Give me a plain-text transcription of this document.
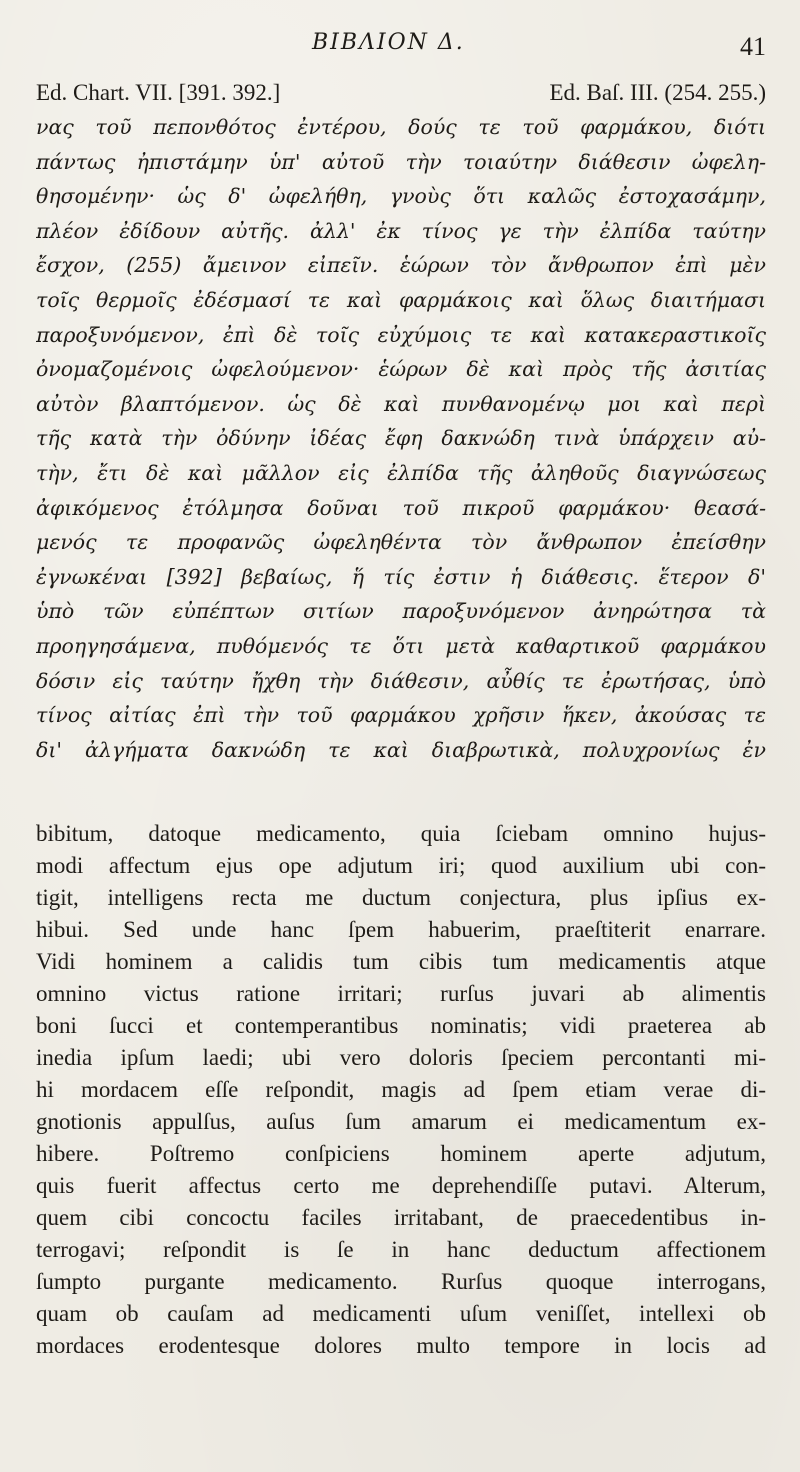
ΒΙΒΛΙΟΝ Δ.	41
Ed. Chart. VII. [391. 392.]	Ed. Baſ. III. (254. 255.)
νας τοῦ πεπονθότος ἐντέρου, δούς τε τοῦ φαρμάκου, διότι
πάντως ἠπιστάμην ὑπ' αὐτοῦ τὴν τοιαύτην διάθεσιν ὠφελη-
θησομένην· ὡς δ' ὠφελήθη, γνοὺς ὅτι καλῶς ἐστοχασάμην,
πλέον ἐδίδουν αὐτῆς. ἀλλ' ἐκ τίνος γε τὴν ἐλπίδα ταύτην
ἔσχον, (255) ἄμεινον εἰπεῖν. ἑώρων τὸν ἄνθρωπον ἐπὶ μὲν
τοῖς θερμοῖς ἐδέσμασί τε καὶ φαρμάκοις καὶ ὅλως διαιτήμασι
παροξυνόμενον, ἐπὶ δὲ τοῖς εὐχύμοις τε καὶ κατακεραστικοῖς
ὀνομαζομένοις ὠφελούμενον· ἑώρων δὲ καὶ πρὸς τῆς ἀσιτίας
αὐτὸν βλαπτόμενον. ὡς δὲ καὶ πυνθανομένῳ μοι καὶ περὶ
τῆς κατὰ τὴν ὀδύνην ἰδέας ἔφη δακνώδη τινὰ ὑπάρχειν αὐ-
τὴν, ἔτι δὲ καὶ μᾶλλον εἰς ἐλπίδα τῆς ἀληθοῦς διαγνώσεως
ἀφικόμενος ἐτόλμησα δοῦναι τοῦ πικροῦ φαρμάκου· θεασά-
μενός τε προφανῶς ὠφεληθέντα τὸν ἄνθρωπον ἐπείσθην
ἐγνωκέναι [392] βεβαίως, ἥ τίς ἐστιν ἡ διάθεσις. ἕτερον δ'
ὑπὸ τῶν εὐπέπτων σιτίων παροξυνόμενον ἀνηρώτησα τὰ
προηγησάμενα, πυθόμενός τε ὅτι μετὰ καθαρτικοῦ φαρμάκου
δόσιν εἰς ταύτην ἤχθη τὴν διάθεσιν, αὖθίς τε ἐρωτήσας, ὑπὸ
τίνος αἰτίας ἐπὶ τὴν τοῦ φαρμάκου χρῆσιν ἥκεν, ἀκούσας τε
δι' ἀλγήματα δακνώδη τε καὶ διαβρωτικὰ, πολυχρονίως ἐν
bibitum, datoque medicamento, quia ſciebam omnino hujus-
modi affectum ejus ope adjutum iri; quod auxilium ubi con-
tigit, intelligens recta me ductum conjectura, plus ipſius ex-
hibui. Sed unde hanc ſpem habuerim, praeſtiterit enarrare.
Vidi hominem a calidis tum cibis tum medicamentis atque
omnino victus ratione irritari; rurſus juvari ab alimentis
boni ſucci et contemperantibus nominatis; vidi praeterea ab
inedia ipſum laedi; ubi vero doloris ſpeciem percontanti mi-
hi mordacem eſſe reſpondit, magis ad ſpem etiam verae di-
gnotionis appulſus, auſus ſum amarum ei medicamentum ex-
hibere. Poſtremo conſpiciens hominem aperte adjutum,
quis fuerit affectus certo me deprehendiſſe putavi. Alterum,
quem cibi concoctu faciles irritabant, de praecedentibus in-
terrogavi; reſpondit is ſe in hanc deductum affectionem
ſumpto purgante medicamento. Rurſus quoque interrogans,
quam ob cauſam ad medicamenti uſum veniſſet, intellexi ob
mordaces erodentesque dolores multo tempore in locis ad
